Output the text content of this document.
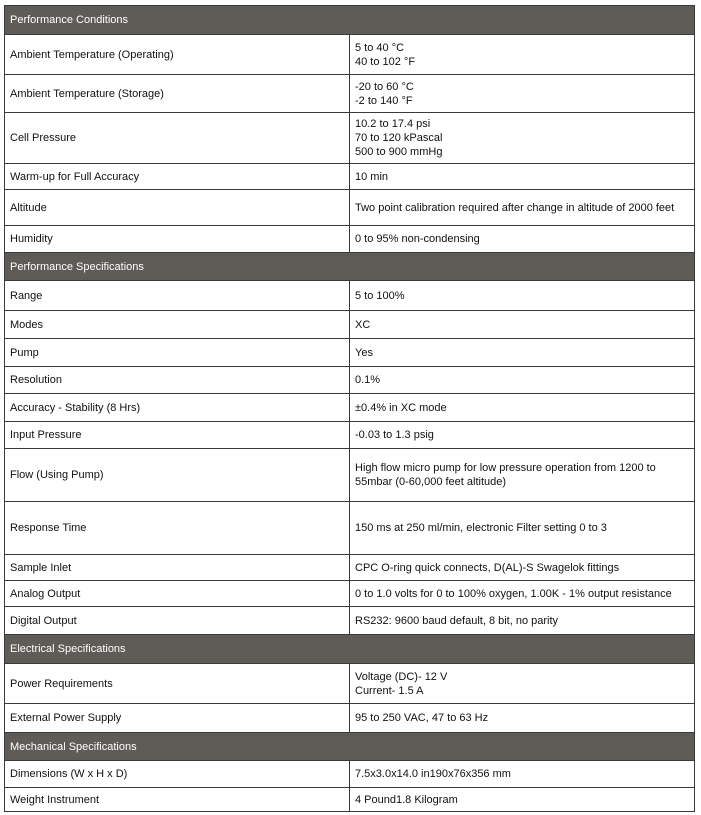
Performance Conditions	
Ambient Temperature (Operating)	5 to 40 °C
40 to 102 °F

Ambient Temperature (Storage)	-20 to 60 °C
-2 to 140 °F

Cell Pressure	10.2 to 17.4 psi
70 to 120 kPascal
500 to 900 mmHg

Warm-up for Full Accuracy	10 min

Altitude	Two point calibration required after change in altitude of 2000 feet

Humidity	0 to 95% non-condensing

Performance Specifications	
Range	5 to 100%

Modes	XC

Pump	Yes

Resolution	0.1%

Accuracy - Stability (8 Hrs)	±0.4% in XC mode

Input Pressure	-0.03 to 1.3 psig

Flow (Using Pump)	High flow micro pump for low pressure operation from 1200 to 55mbar (0-60,000 feet altitude)

Response Time	150 ms at 250 ml/min, electronic Filter setting 0 to 3

Sample Inlet	CPC O-ring quick connects, D(AL)-S Swagelok fittings

Analog Output	0 to 1.0 volts for 0 to 100% oxygen, 1.00K - 1% output resistance

Digital Output	RS232: 9600 baud default, 8 bit, no parity

Electrical Specifications	
Power Requirements	Voltage (DC)- 12 V
Current- 1.5 A

External Power Supply	95 to 250 VAC, 47 to 63 Hz

Mechanical Specifications	
Dimensions (W x H x D)	7.5x3.0x14.0 in190x76x356 mm

Weight Instrument	4 Pound1.8 Kilogram
